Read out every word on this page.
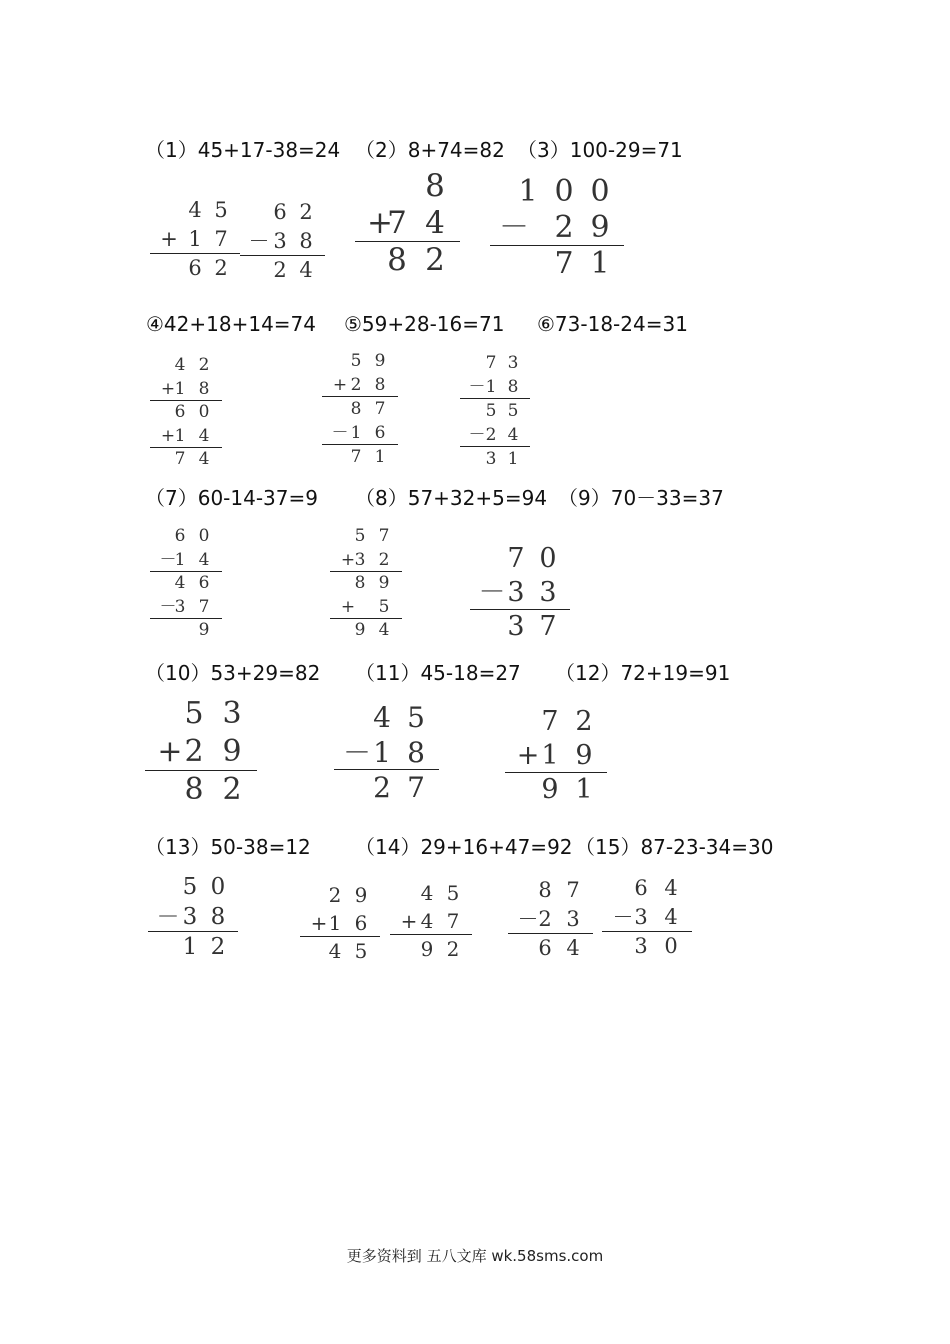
（1）45+17-38=24 （2）8+74=82 （3）100-29=71
④42+18+14=74 ⑤59+28-16=71 ⑥73-18-24=31
（7）60-14-37=9 （8）57+32+5=94 （9）70－33=37
（10）53+29=82 （11）45-18=27 （12）72+19=91
（13）50-38=12 （14）29+16+47=92 （15）87-23-34=30
4 5
+ 1 7
6 2
6 2
－ 3 8
2 4
8
+
7 4
8 2
1 0 0
－ 2 9
7 1
4 2
+ 1 8
6 0
+ 1 4
7 4
5 9
+ 2 8
8 7
－ 1 6
7 1
7 3
－ 1 8
5 5
－ 2 4
3 1
6 0
－
1 4
4 6
－
3 7
9
5 7
+ 3 2
8 9
+	5
9 4
7 0
－ 3 3
3 7
5 3
+ 2 9
8 2
4 5
－ 1 8
2 7
7 2
+ 1 9
9 1
5 0
－ 3 8
1 2
2 9
+ 1 6
4 5
4 5
+ 4 7
9 2
8 7
－ 2 3
6 4
6 4
－ 3 4
3 0
更多资料到 五八文库 wk.58sms.com
